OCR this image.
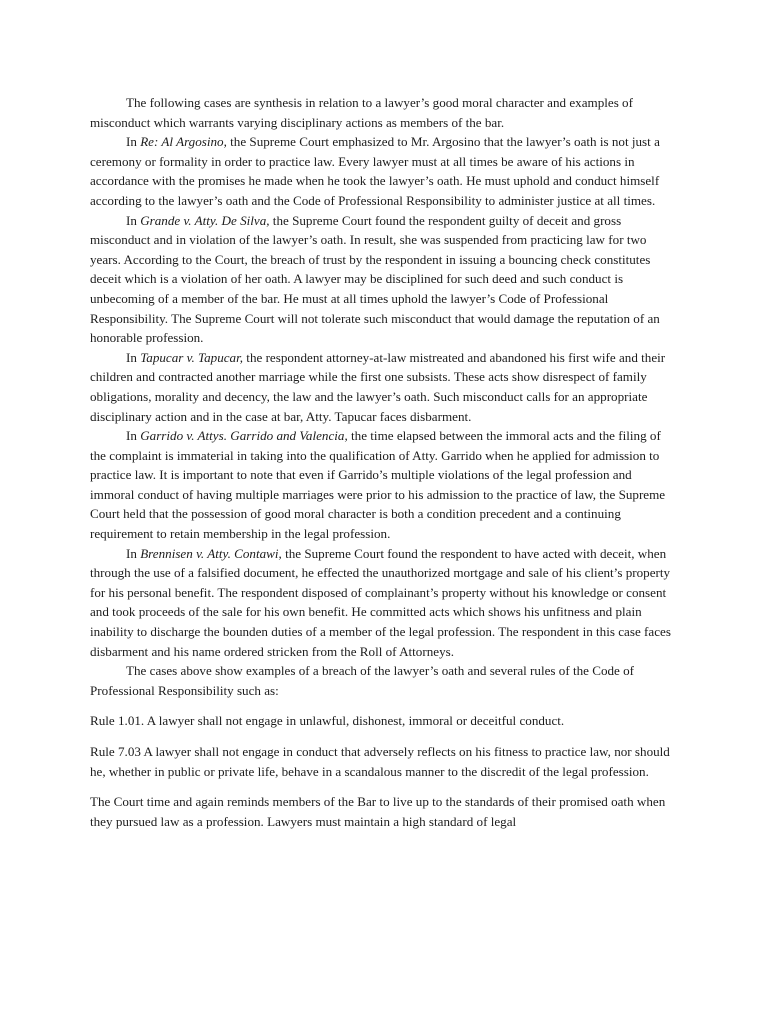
The following cases are synthesis in relation to a lawyer’s good moral character and examples of misconduct which warrants varying disciplinary actions as members of the bar.

In Re: Al Argosino, the Supreme Court emphasized to Mr. Argosino that the lawyer’s oath is not just a ceremony or formality in order to practice law. Every lawyer must at all times be aware of his actions in accordance with the promises he made when he took the lawyer’s oath. He must uphold and conduct himself according to the lawyer’s oath and the Code of Professional Responsibility to administer justice at all times.

In Grande v. Atty. De Silva, the Supreme Court found the respondent guilty of deceit and gross misconduct and in violation of the lawyer’s oath. In result, she was suspended from practicing law for two years. According to the Court, the breach of trust by the respondent in issuing a bouncing check constitutes deceit which is a violation of her oath. A lawyer may be disciplined for such deed and such conduct is unbecoming of a member of the bar. He must at all times uphold the lawyer’s Code of Professional Responsibility. The Supreme Court will not tolerate such misconduct that would damage the reputation of an honorable profession.

In Tapucar v. Tapucar, the respondent attorney-at-law mistreated and abandoned his first wife and their children and contracted another marriage while the first one subsists. These acts show disrespect of family obligations, morality and decency, the law and the lawyer’s oath. Such misconduct calls for an appropriate disciplinary action and in the case at bar, Atty. Tapucar faces disbarment.

In Garrido v. Attys. Garrido and Valencia, the time elapsed between the immoral acts and the filing of the complaint is immaterial in taking into the qualification of Atty. Garrido when he applied for admission to practice law. It is important to note that even if Garrido’s multiple violations of the legal profession and immoral conduct of having multiple marriages were prior to his admission to the practice of law, the Supreme Court held that the possession of good moral character is both a condition precedent and a continuing requirement to retain membership in the legal profession.

In Brennisen v. Atty. Contawi, the Supreme Court found the respondent to have acted with deceit, when through the use of a falsified document, he effected the unauthorized mortgage and sale of his client’s property for his personal benefit. The respondent disposed of complainant’s property without his knowledge or consent and took proceeds of the sale for his own benefit. He committed acts which shows his unfitness and plain inability to discharge the bounden duties of a member of the legal profession. The respondent in this case faces disbarment and his name ordered stricken from the Roll of Attorneys.

The cases above show examples of a breach of the lawyer’s oath and several rules of the Code of Professional Responsibility such as:

Rule 1.01. A lawyer shall not engage in unlawful, dishonest, immoral or deceitful conduct.

Rule 7.03 A lawyer shall not engage in conduct that adversely reflects on his fitness to practice law, nor should he, whether in public or private life, behave in a scandalous manner to the discredit of the legal profession.

The Court time and again reminds members of the Bar to live up to the standards of their promised oath when they pursued law as a profession. Lawyers must maintain a high standard of legal
